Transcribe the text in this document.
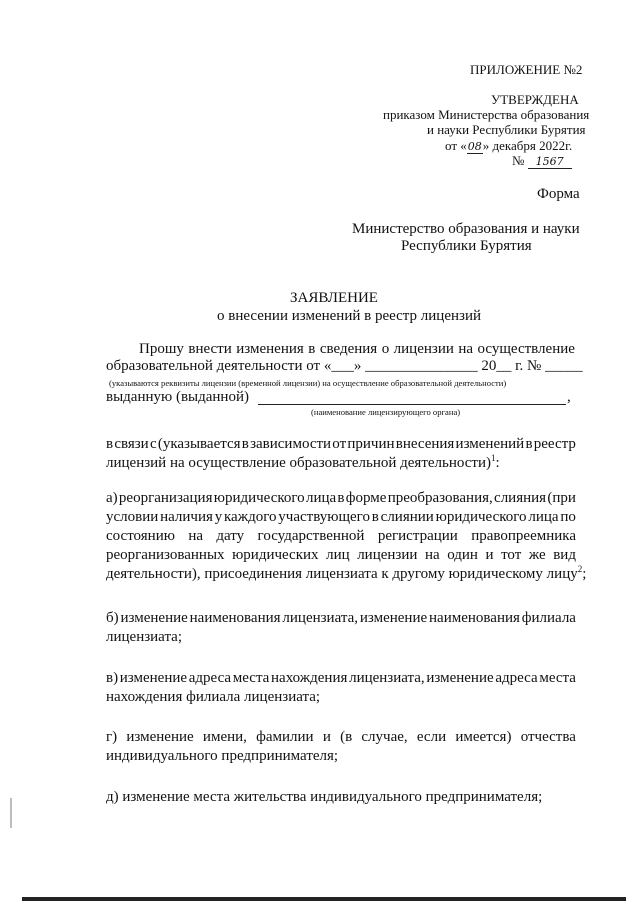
ПРИЛОЖЕНИЕ №2
УТВЕРЖДЕНА
приказом Министерства образования
и науки Республики Бурятия
от «08» декабря 2022г.
№ 1567
Форма
Министерство образования и науки
Республики Бурятия
ЗАЯВЛЕНИЕ
о внесении изменений в реестр лицензий
Прошу внести изменения в сведения о лицензии на осуществление
образовательной деятельности от «___» _______________ 20__ г. № _____
(указываются реквизиты лицензии (временной лицензии) на осуществление образовательной деятельности)
выданную (выданной)	,
(наименование лицензирующего органа)
в связи с (указывается в зависимости от причин внесения изменений в реестр
лицензий на осуществление образовательной деятельности)$^1$:
а) реорганизация юридического лица в форме преобразования, слияния (при
условии наличия у каждого участвующего в слиянии юридического лица по
состоянию на дату государственной регистрации правопреемника
реорганизованных юридических лиц лицензии на один и тот же вид
деятельности), присоединения лицензиата к другому юридическому лицу$^2$;
б) изменение наименования лицензиата, изменение наименования филиала
лицензиата;
в) изменение адреса места нахождения лицензиата, изменение адреса места
нахождения филиала лицензиата;
г) изменение имени, фамилии и (в случае, если имеется) отчества
индивидуального предпринимателя;
д) изменение места жительства индивидуального предпринимателя;
